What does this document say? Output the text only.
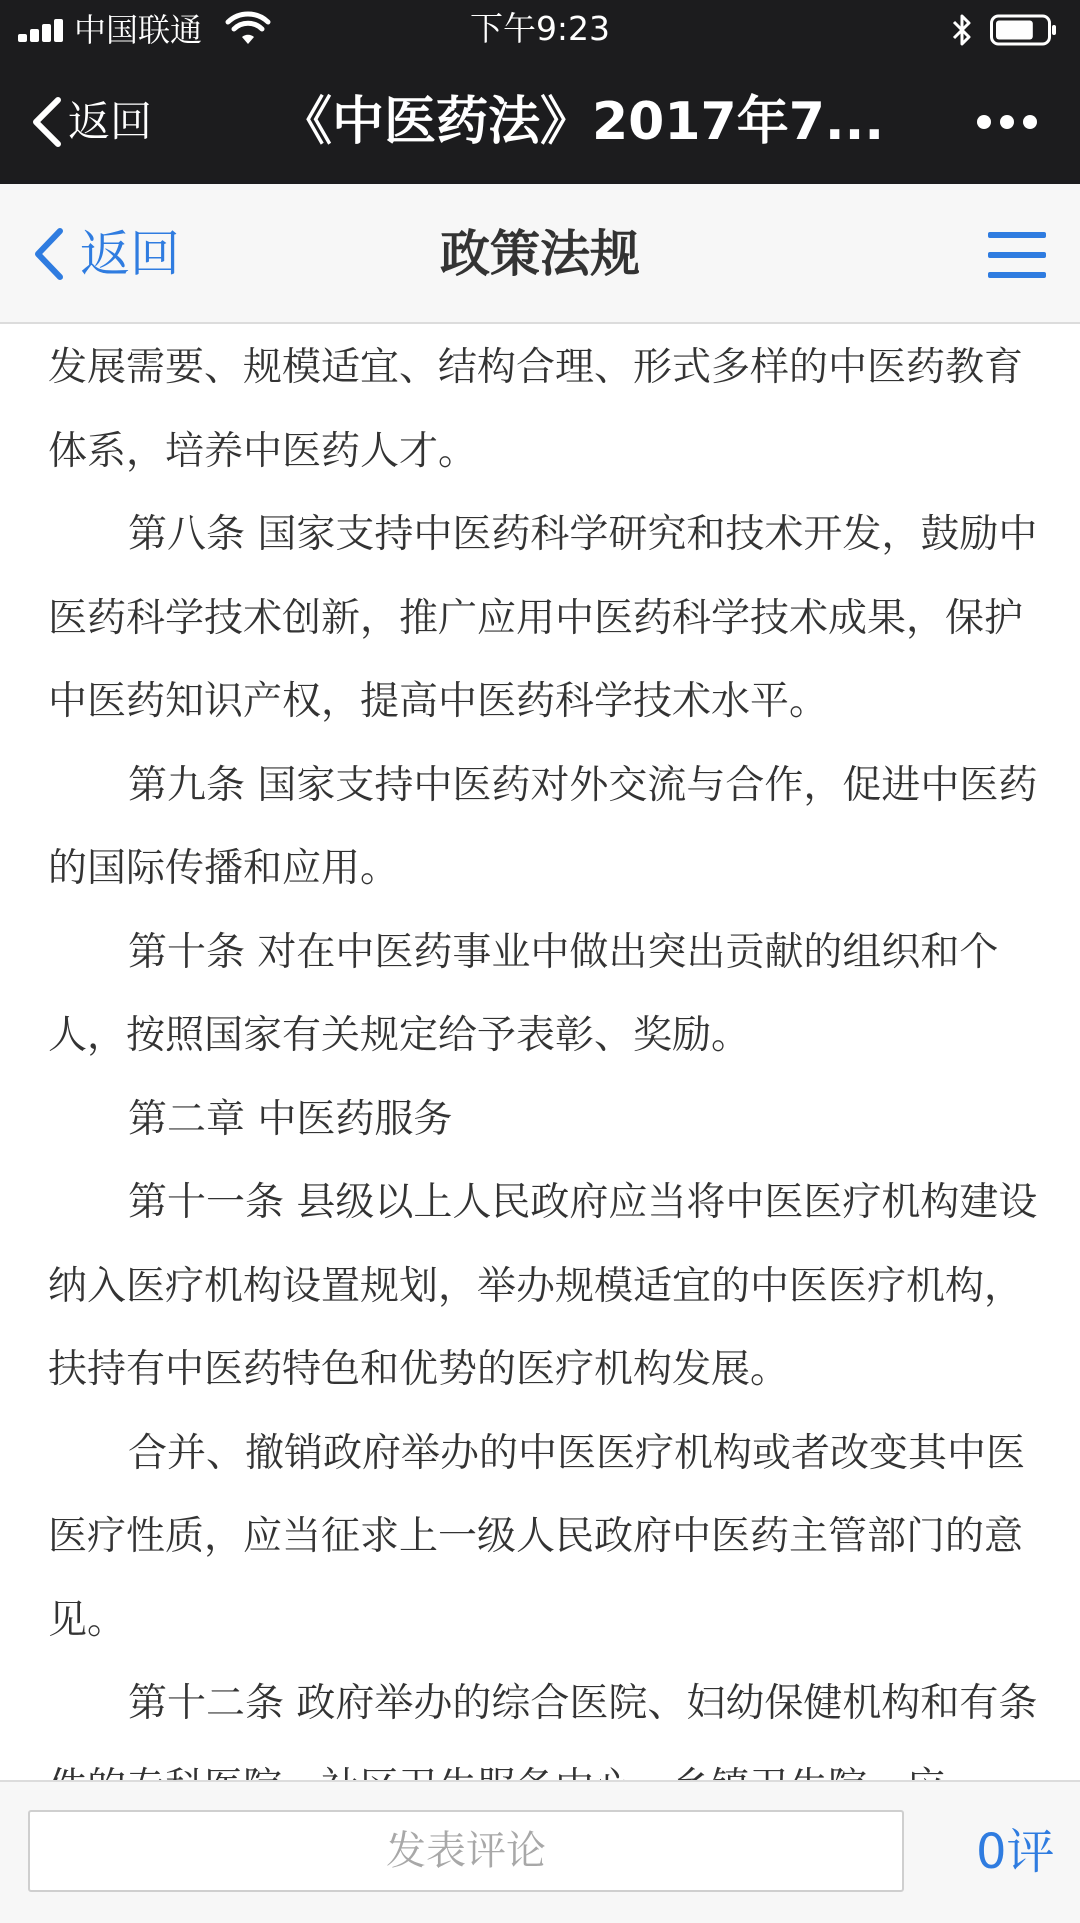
中国联通	下午9:23
返回 《中医药法》2017年7...
返回	政策法规

发展需要、规模适宜、结构合理、形式多样的中医药教育体系，培养中医药人才。

第八条 国家支持中医药科学研究和技术开发，鼓励中医药科学技术创新，推广应用中医药科学技术成果，保护中医药知识产权，提高中医药科学技术水平。

第九条 国家支持中医药对外交流与合作，促进中医药的国际传播和应用。

第十条 对在中医药事业中做出突出贡献的组织和个人，按照国家有关规定给予表彰、奖励。

第二章 中医药服务

第十一条 县级以上人民政府应当将中医医疗机构建设纳入医疗机构设置规划，举办规模适宜的中医医疗机构，扶持有中医药特色和优势的医疗机构发展。

合并、撤销政府举办的中医医疗机构或者改变其中医医疗性质，应当征求上一级人民政府中医药主管部门的意见。

第十二条 政府举办的综合医院、妇幼保健机构和有条

发表评论	0评
